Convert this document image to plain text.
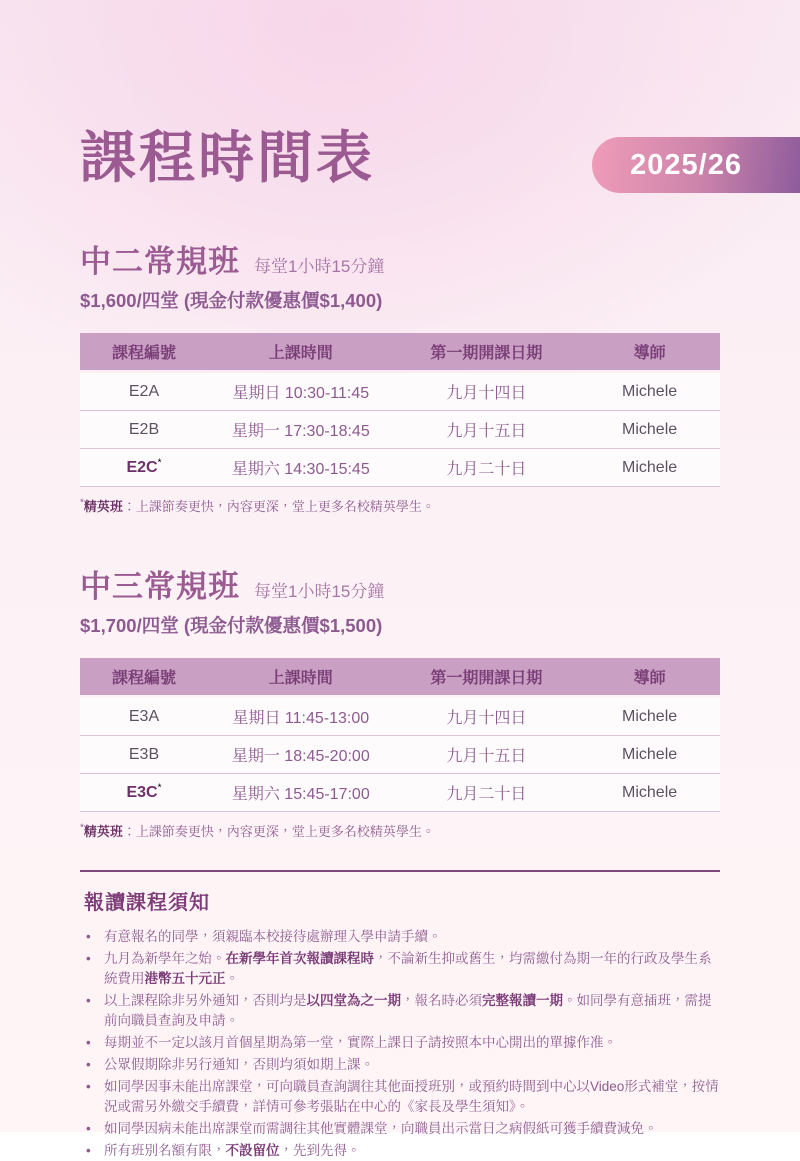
課程時間表	2025/26
中二常規班 每堂1小時15分鐘
$1,600/四堂 (現金付款優惠價$1,400)
課程編號	上課時間	第一期開課日期	導師
E2A	星期日 10:30-11:45	九月十四日	Michele
E2B	星期一 17:30-18:45	九月十五日	Michele
E2C*	星期六 14:30-15:45	九月二十日	Michele

*精英班：上課節奏更快，內容更深，堂上更多名校精英學生。

中三常規班 每堂1小時15分鐘
$1,700/四堂 (現金付款優惠價$1,500)
課程編號	上課時間	第一期開課日期	導師
E3A	星期日 11:45-13:00	九月十四日	Michele
E3B	星期一 18:45-20:00	九月十五日	Michele
E3C*	星期六 15:45-17:00	九月二十日	Michele

*精英班：上課節奏更快，內容更深，堂上更多名校精英學生。

報讀課程須知
• 有意報名的同學，須親臨本校接待處辦理入學申請手續。
• 九月為新學年之始。在新學年首次報讀課程時，不論新生抑或舊生，均需繳付為期一年的行政及學生系統費用港幣五十元正。
• 以上課程除非另外通知，否則均是以四堂為之一期，報名時必須完整報讀一期。如同學有意插班，需提前向職員查詢及申請。
• 每期並不一定以該月首個星期為第一堂，實際上課日子請按照本中心開出的單據作准。
• 公眾假期除非另行通知，否則均須如期上課。
• 如同學因事未能出席課堂，可向職員查詢調往其他面授班別，或預約時間到中心以Video形式補堂，按情況或需另外繳交手續費，詳情可參考張貼在中心的《家長及學生須知》。
• 如同學因病未能出席課堂而需調往其他實體課堂，向職員出示當日之病假紙可獲手續費減免。
• 所有班別名額有限，不設留位，先到先得。
